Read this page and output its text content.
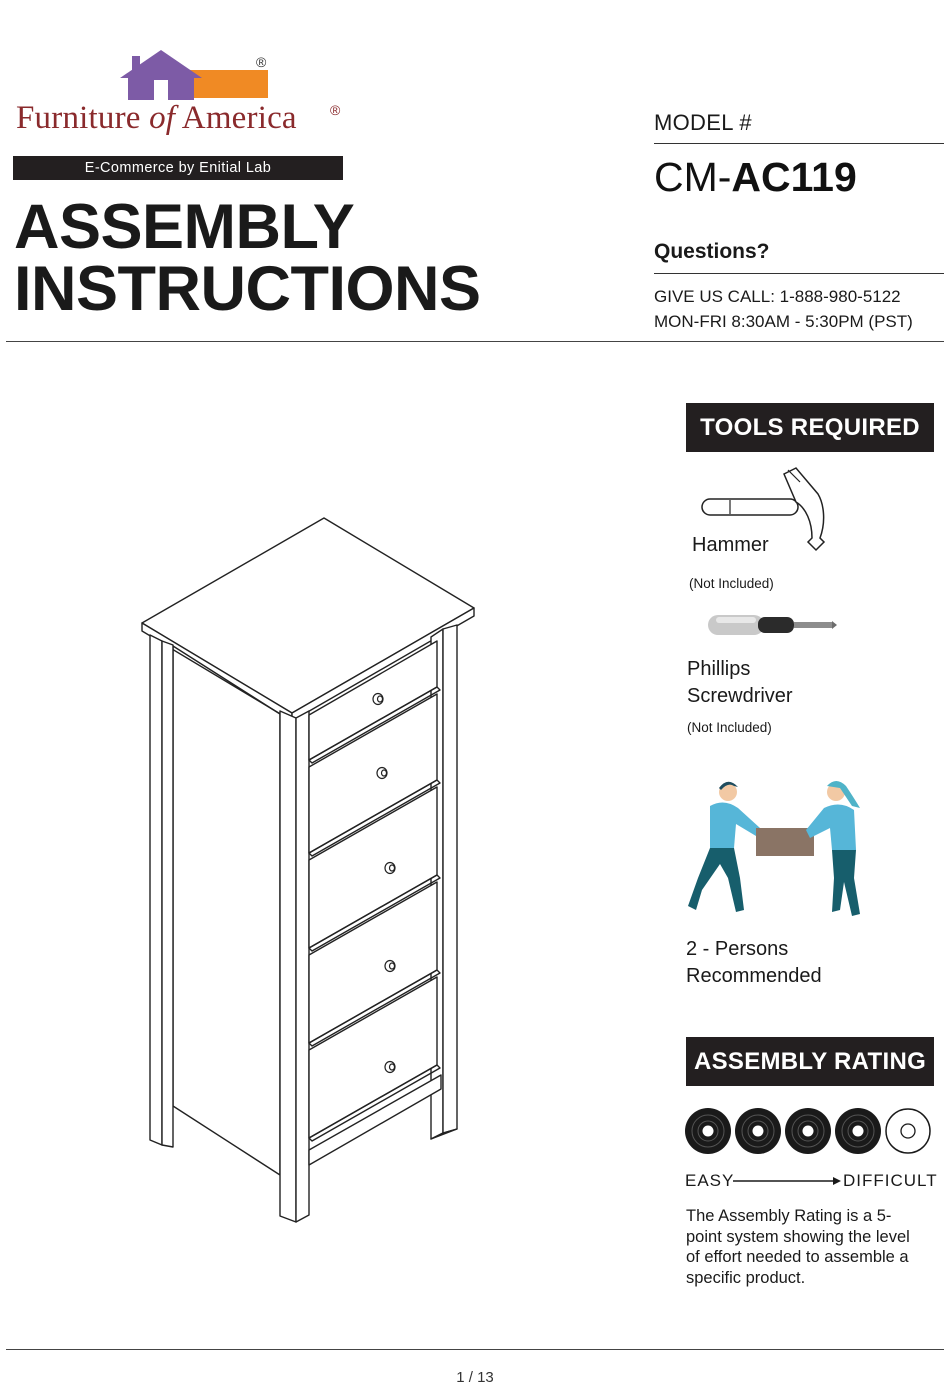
®
Furniture of America ®
E-Commerce by Enitial Lab
ASSEMBLY
INSTRUCTIONS
MODEL #
CM-AC119
Questions?
GIVE US CALL: 1-888-980-5122
MON-FRI 8:30AM - 5:30PM (PST)
TOOLS REQUIRED
Hammer
(Not Included)
Phillips
Screwdriver
(Not Included)
2 - Persons
Recommended
ASSEMBLY RATING
EASY	DIFFICULT
The Assembly Rating is a 5-point system showing the level of effort needed to assemble a specific product.
1 / 13
